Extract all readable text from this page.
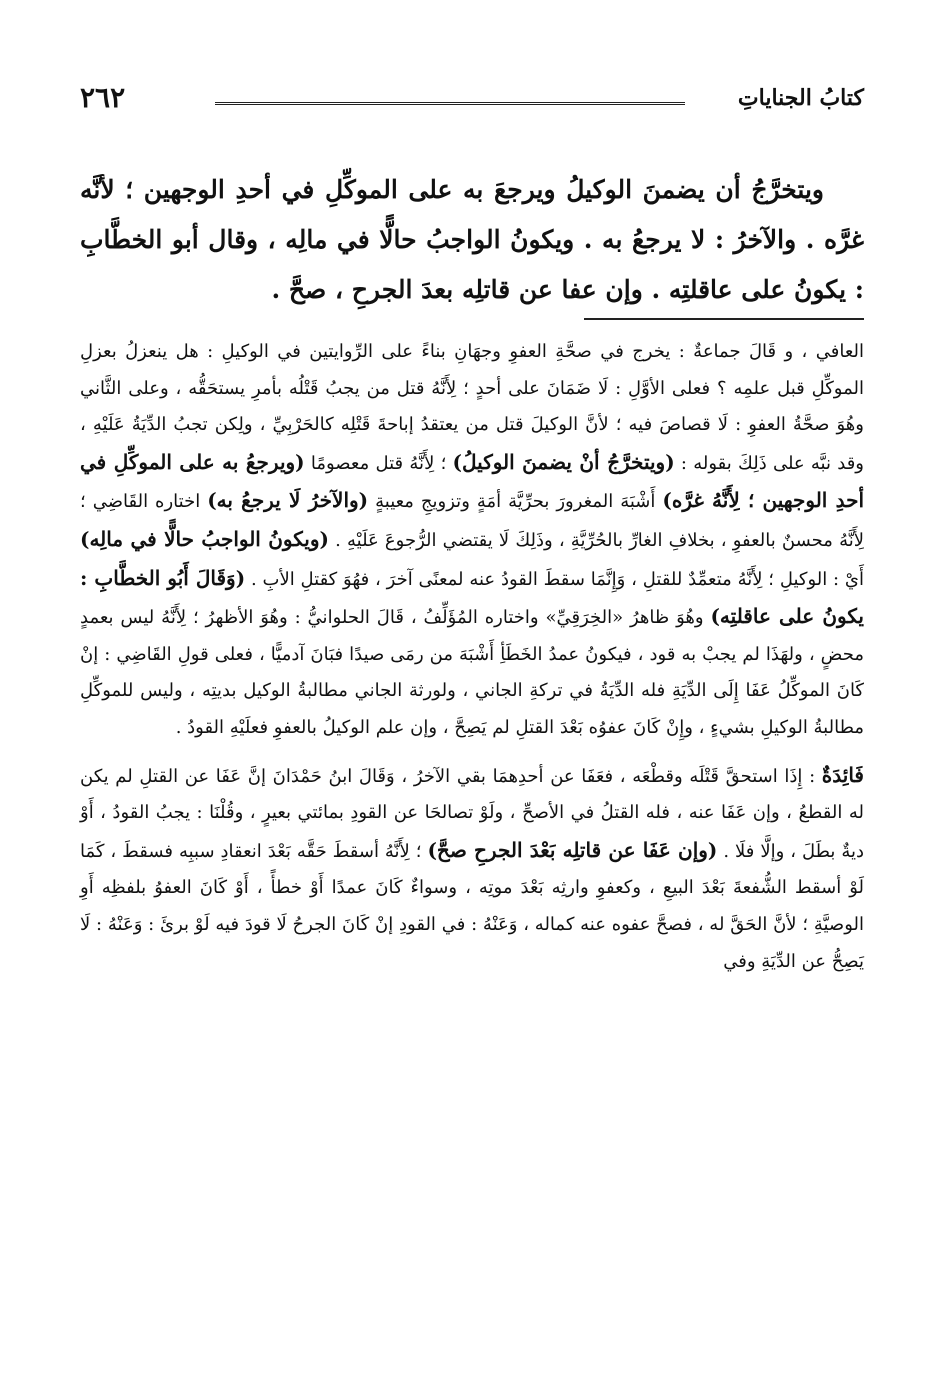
٢٦٢	كتابُ الجناياتِ

ويتخرَّجُ أن يضمنَ الوكيلُ ويرجعَ به على الموكِّلِ في أحدِ الوجهين ؛ لأنَّه غرَّه . والآخرُ : لا يرجعُ به . ويكونُ الواجبُ حالًّا في مالِه ، وقال أبو الخطَّابِ : يكونُ على عاقلتِه . وإن عفا عن قاتلِه بعدَ الجرحِ ، صحَّ .

العافي ، و قَالَ جماعةٌ : يخرج في صحَّةِ العفوِ وجهَانِ بناءً على الرِّوايتين في الوكيلِ : هل ينعزلُ بعزلِ الموكِّلِ قبل علمِه ؟ فعلى الأوَّلِ : لَا ضَمَانَ على أحدٍ ؛ لِأَنَّهُ قتل من يجبُ قَتْلُه بأمرِ يستحَقُّه ، وعلى الثَّاني وهُوَ صحَّةُ العفوِ : لَا قصاصَ فيه ؛ لأنَّ الوكيلَ قتل من يعتقدُ إباحةَ قَتْلِه كالحَرْبِيِّ ، ولِكن تجبُ الدِّيَةُ عَلَيْهِ ، وقد نبَّه على ذَلِكَ بقوله : (ويتخرَّجُ أنْ يضمنَ الوكيلُ) ؛ لِأَنَّهُ قتل معصومًا (ويرجعُ به على الموكِّلِ في أحدِ الوجهين ؛ لِأَنَّهُ غرَّه) أَشْبَهَ المغرورَ بحرِّيَّة أمَةٍ وتزويجِ معيبةٍ (والآخرُ لَا يرجعُ به) اختاره القَاضِي ؛ لِأَنَّهُ محسنٌ بالعفوِ ، بخلافِ الغارِّ بالحُرِّيَّةِ ، وذَلِكَ لَا يقتضي الرُّجوعَ عَلَيْهِ . (ويكونُ الواجبُ حالًّا في مالِه) أَيْ : الوكيلِ ؛ لِأَنَّهُ متعمِّدٌ للقتلِ ، وَإِنَّمَا سقطَ القودُ عنه لمعنًى آخرَ ، فهُوَ كقتلِ الأبِ . (وَقَالَ أَبُو الخطَّابِ : يكونُ على عاقلتِه) وهُوَ ظاهرُ «الخِرَقِيِّ» واختاره المُؤَلِّفُ ، قَالَ الحلوانيُّ : وهُوَ الأظهرُ ؛ لِأَنَّهُ ليس بعمدٍ محضٍ ، ولهَذَا لم يجبْ به قود ، فيكونُ عمدُ الخَطَأِ أَشْبَهَ من رمَى صيدًا فبَانَ آدميًّا ، فعلى قولِ القَاضِي : إنْ كَانَ الموكِّلُ عَفَا إِلَى الدِّيَةِ فله الدِّيَةُ في تركةِ الجاني ، ولورثة الجاني مطالبةُ الوكيل بديتِه ، وليس للموكِّلِ مطالبةُ الوكيلِ بشيءٍ ، وإِنْ كَانَ عفوُه بَعْدَ القتلِ لم يَصِحَّ ، وإن علم الوكيلُ بالعفوِ فعلَيْهِ القودُ .

فَائِدَةٌ : إِذَا استحقَّ قَتْلَه وقطْعَه ، فعَفَا عن أحدِهمَا بقي الآخرُ ، وَقَالَ ابنُ حَمْدَانَ إنَّ عَفَا عن القتلِ لم يكن له القطعُ ، وإن عَفَا عنه ، فله القتلُ في الأصحِّ ، ولَوْ تصالحَا عن القودِ بمائتي بعيرٍ ، وقُلْنَا : يجبُ القودُ ، أَوْ ديةٌ بطَلَ ، وإلَّا فلَا . (وإن عَفَا عن قاتلِه بَعْدَ الجرحِ صحَّ) ؛ لِأَنَّهُ أسقطَ حَقَّه بَعْدَ انعقادِ سببِه فسقطَ ، كَمَا لَوْ أسقط الشُّفعةَ بَعْدَ البيعِ ، وكعفوِ وارثِه بَعْدَ موتِه ، وسواءٌ كَانَ عمدًا أَوْ خطأً ، أَوْ كَانَ العفوُ بلفظِه أَوِ الوصيَّةِ ؛ لأنَّ الحَقَّ له ، فصحَّ عفوه عنه كماله ، وَعَنْهُ : في القودِ إنْ كَانَ الجرحُ لَا قودَ فيه لَوْ برئَ : وَعَنْهُ : لَا يَصِحُّ عن الدِّيَةِ وفي
